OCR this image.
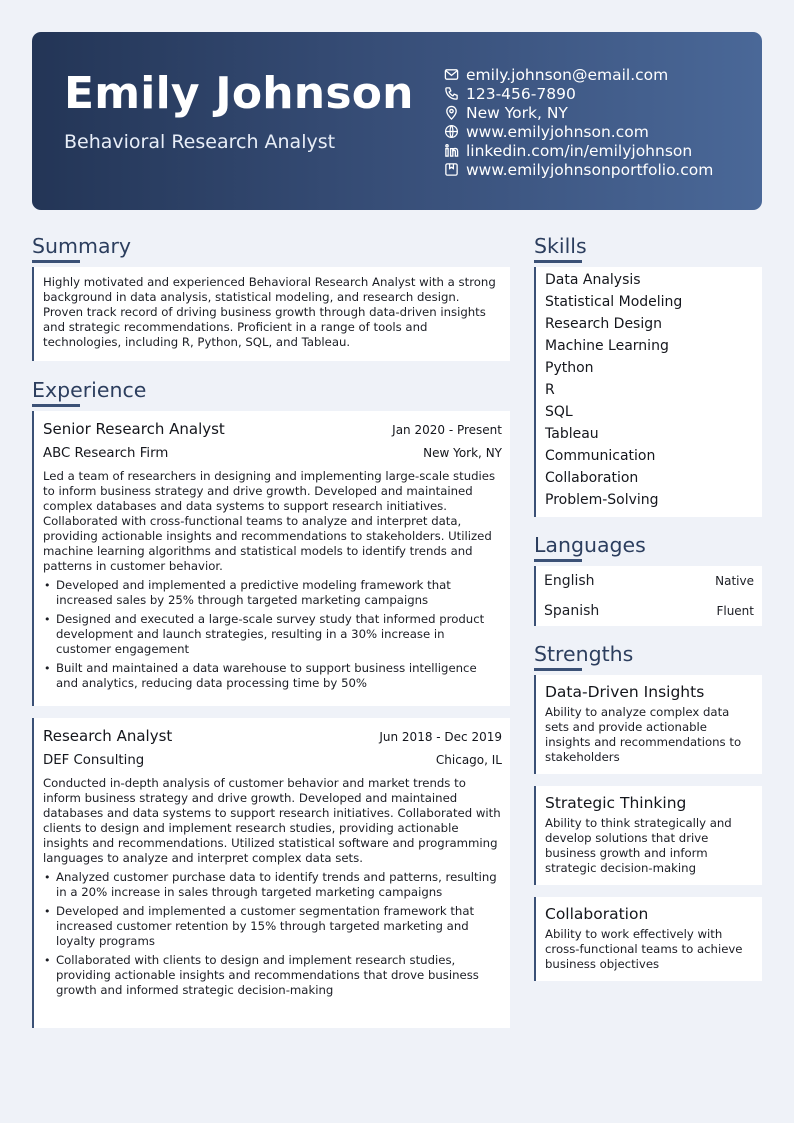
Emily Johnson
Behavioral Research Analyst
emily.johnson@email.com
123-456-7890
New York, NY
www.emilyjohnson.com
linkedin.com/in/emilyjohnson
www.emilyjohnsonportfolio.com
Summary
Highly motivated and experienced Behavioral Research Analyst with a strong background in data analysis, statistical modeling, and research design. Proven track record of driving business growth through data-driven insights and strategic recommendations. Proficient in a range of tools and technologies, including R, Python, SQL, and Tableau.
Experience
Senior Research Analyst	Jan 2020 - Present
ABC Research Firm	New York, NY
Led a team of researchers in designing and implementing large-scale studies to inform business strategy and drive growth. Developed and maintained complex databases and data systems to support research initiatives. Collaborated with cross-functional teams to analyze and interpret data, providing actionable insights and recommendations to stakeholders. Utilized machine learning algorithms and statistical models to identify trends and patterns in customer behavior.
• Developed and implemented a predictive modeling framework that increased sales by 25% through targeted marketing campaigns
• Designed and executed a large-scale survey study that informed product development and launch strategies, resulting in a 30% increase in customer engagement
• Built and maintained a data warehouse to support business intelligence and analytics, reducing data processing time by 50%
Research Analyst	Jun 2018 - Dec 2019
DEF Consulting	Chicago, IL
Conducted in-depth analysis of customer behavior and market trends to inform business strategy and drive growth. Developed and maintained databases and data systems to support research initiatives. Collaborated with clients to design and implement research studies, providing actionable insights and recommendations. Utilized statistical software and programming languages to analyze and interpret complex data sets.
• Analyzed customer purchase data to identify trends and patterns, resulting in a 20% increase in sales through targeted marketing campaigns
• Developed and implemented a customer segmentation framework that increased customer retention by 15% through targeted marketing and loyalty programs
• Collaborated with clients to design and implement research studies, providing actionable insights and recommendations that drove business growth and informed strategic decision-making
Skills
Data Analysis
Statistical Modeling
Research Design
Machine Learning
Python
R
SQL
Tableau
Communication
Collaboration
Problem-Solving
Languages
English	Native
Spanish	Fluent
Strengths
Data-Driven Insights
Ability to analyze complex data sets and provide actionable insights and recommendations to stakeholders
Strategic Thinking
Ability to think strategically and develop solutions that drive business growth and inform strategic decision-making
Collaboration
Ability to work effectively with cross-functional teams to achieve business objectives
